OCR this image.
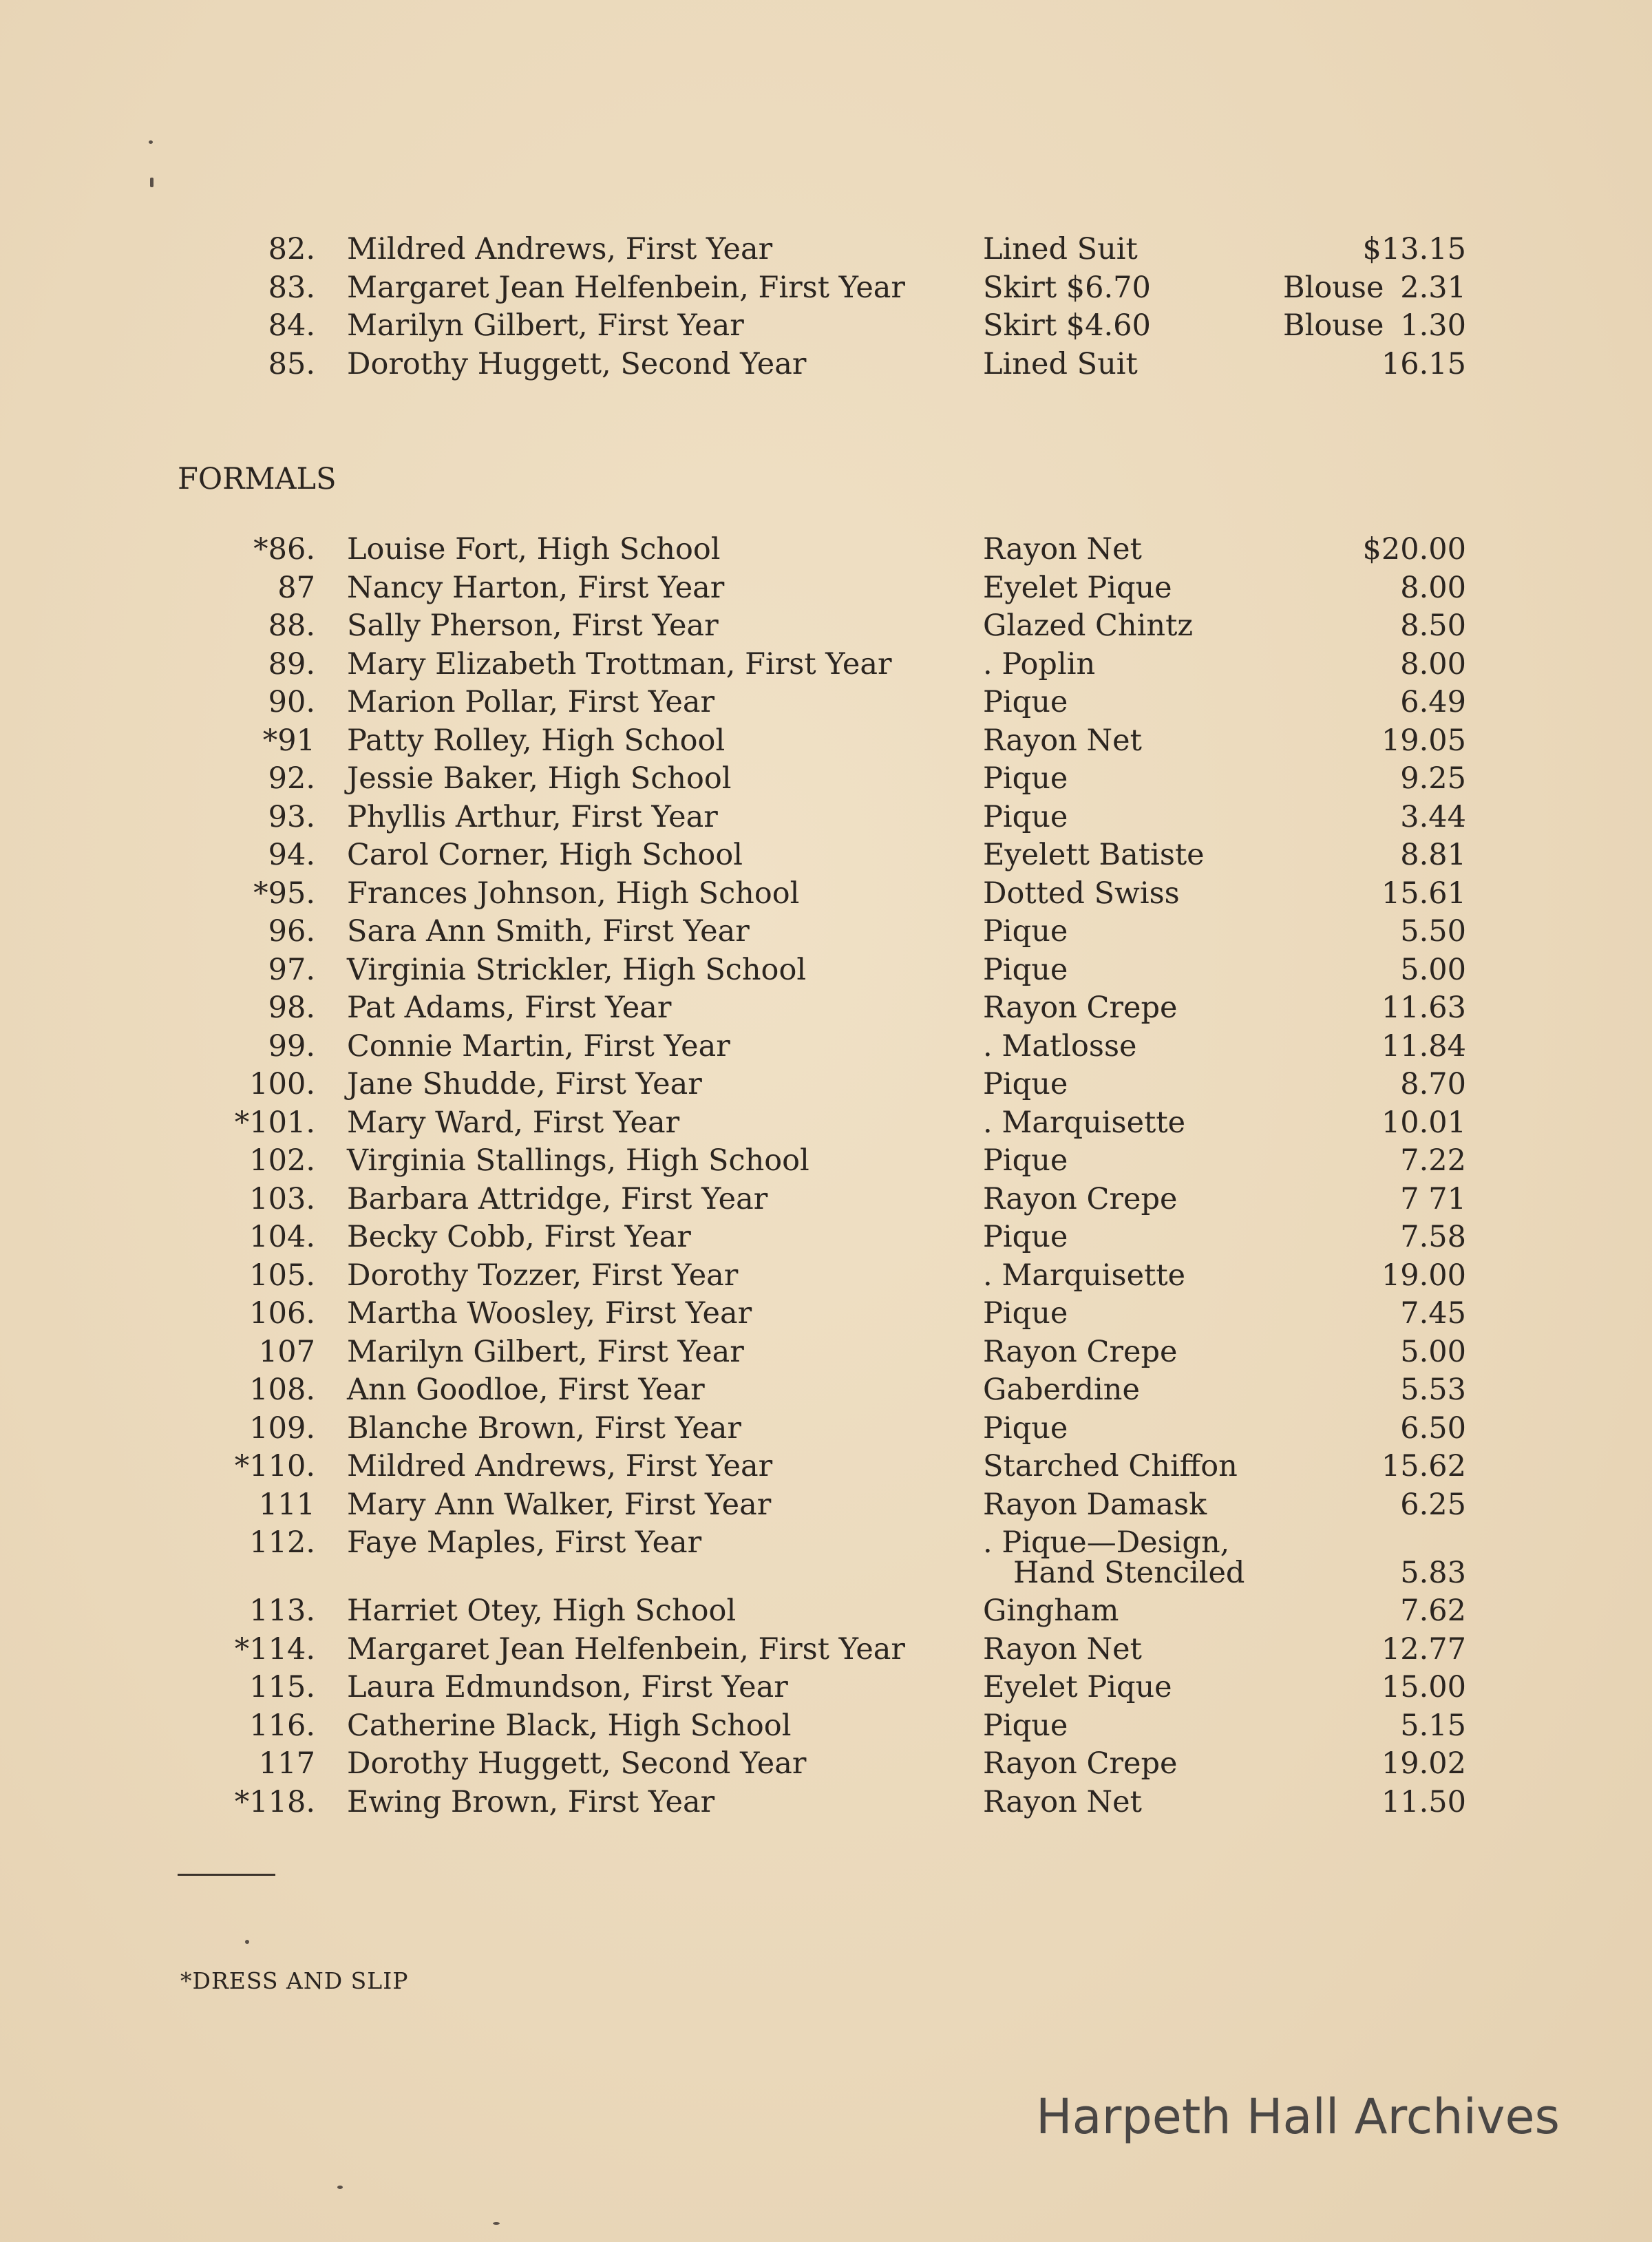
82. Mildred Andrews, First Year	Lined Suit	$13.15
83. Margaret Jean Helfenbein, First Year	Skirt $6.70	Blouse 2.31
84. Marilyn Gilbert, First Year	Skirt $4.60	Blouse 1.30
85. Dorothy Huggett, Second Year	Lined Suit	16.15
FORMALS
*86. Louise Fort, High School	Rayon Net	$20.00
87 Nancy Harton, First Year	Eyelet Pique	8.00
88. Sally Pherson, First Year	Glazed Chintz	8.50
89. Mary Elizabeth Trottman, First Year	. Poplin	8.00
90. Marion Pollar, First Year	Pique	6.49
*91 Patty Rolley, High School	Rayon Net	19.05
92. Jessie Baker, High School	Pique	9.25
93. Phyllis Arthur, First Year	Pique	3.44
94. Carol Corner, High School	Eyelett Batiste	8.81
*95. Frances Johnson, High School	Dotted Swiss	15.61
96. Sara Ann Smith, First Year	Pique	5.50
97. Virginia Strickler, High School	Pique	5.00
98. Pat Adams, First Year	Rayon Crepe	11.63
99. Connie Martin, First Year	. Matlosse	11.84
100. Jane Shudde, First Year	Pique	8.70
*101. Mary Ward, First Year	. Marquisette	10.01
102. Virginia Stallings, High School	Pique	7.22
103. Barbara Attridge, First Year	Rayon Crepe	7 71
104. Becky Cobb, First Year	Pique	7.58
105. Dorothy Tozzer, First Year	. Marquisette	19.00
106. Martha Woosley, First Year	Pique	7.45
107 Marilyn Gilbert, First Year	Rayon Crepe	5.00
108. Ann Goodloe, First Year	Gaberdine	5.53
109. Blanche Brown, First Year	Pique	6.50
*110. Mildred Andrews, First Year	Starched Chiffon	15.62
111 Mary Ann Walker, First Year	Rayon Damask	6.25
112. Faye Maples, First Year	. Pique—Design,
Hand Stenciled	5.83
113. Harriet Otey, High School	Gingham	7.62
*114. Margaret Jean Helfenbein, First Year	Rayon Net	12.77
115. Laura Edmundson, First Year	Eyelet Pique	15.00
116. Catherine Black, High School	Pique	5.15
117 Dorothy Huggett, Second Year	Rayon Crepe	19.02
*118. Ewing Brown, First Year	Rayon Net	11.50
*DRESS AND SLIP
Harpeth Hall Archives
